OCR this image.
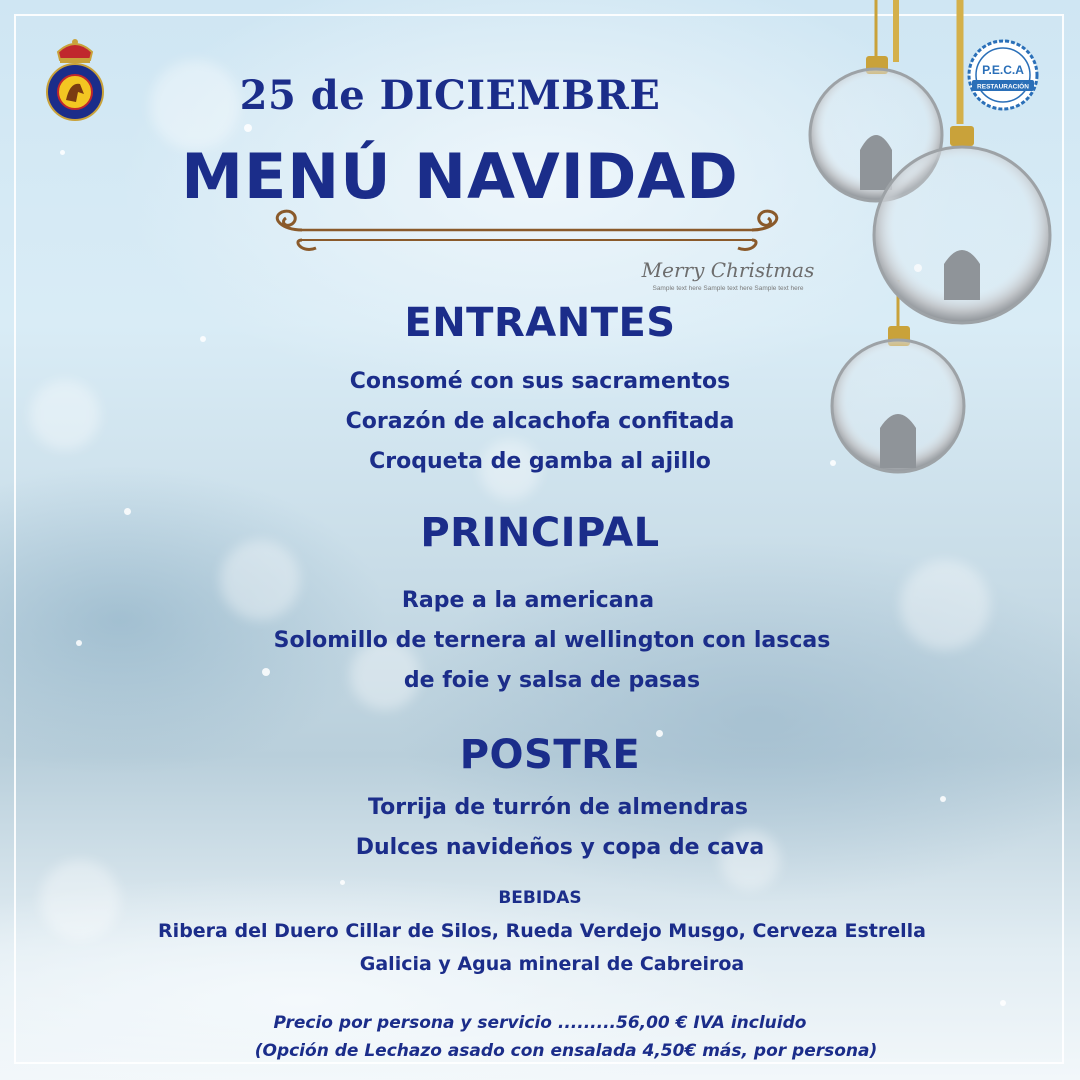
P.E.C.A
RESTAURACIÓN
25 de DICIEMBRE
MENÚ NAVIDAD
Merry Christmas
Sample text here Sample text here Sample text here
ENTRANTES
Consomé con sus sacramentos
Corazón de alcachofa confitada
Croqueta de gamba al ajillo
PRINCIPAL
Rape a la americana
Solomillo de ternera al wellington con lascas
de foie y salsa de pasas
POSTRE
Torrija de turrón de almendras
Dulces navideños y copa de cava
BEBIDAS
Ribera del Duero Cillar de Silos, Rueda Verdejo Musgo, Cerveza Estrella
Galicia y Agua mineral de Cabreiroa
Precio por persona y servicio .........56,00 € IVA incluido
(Opción de Lechazo asado con ensalada 4,50€ más, por persona)
